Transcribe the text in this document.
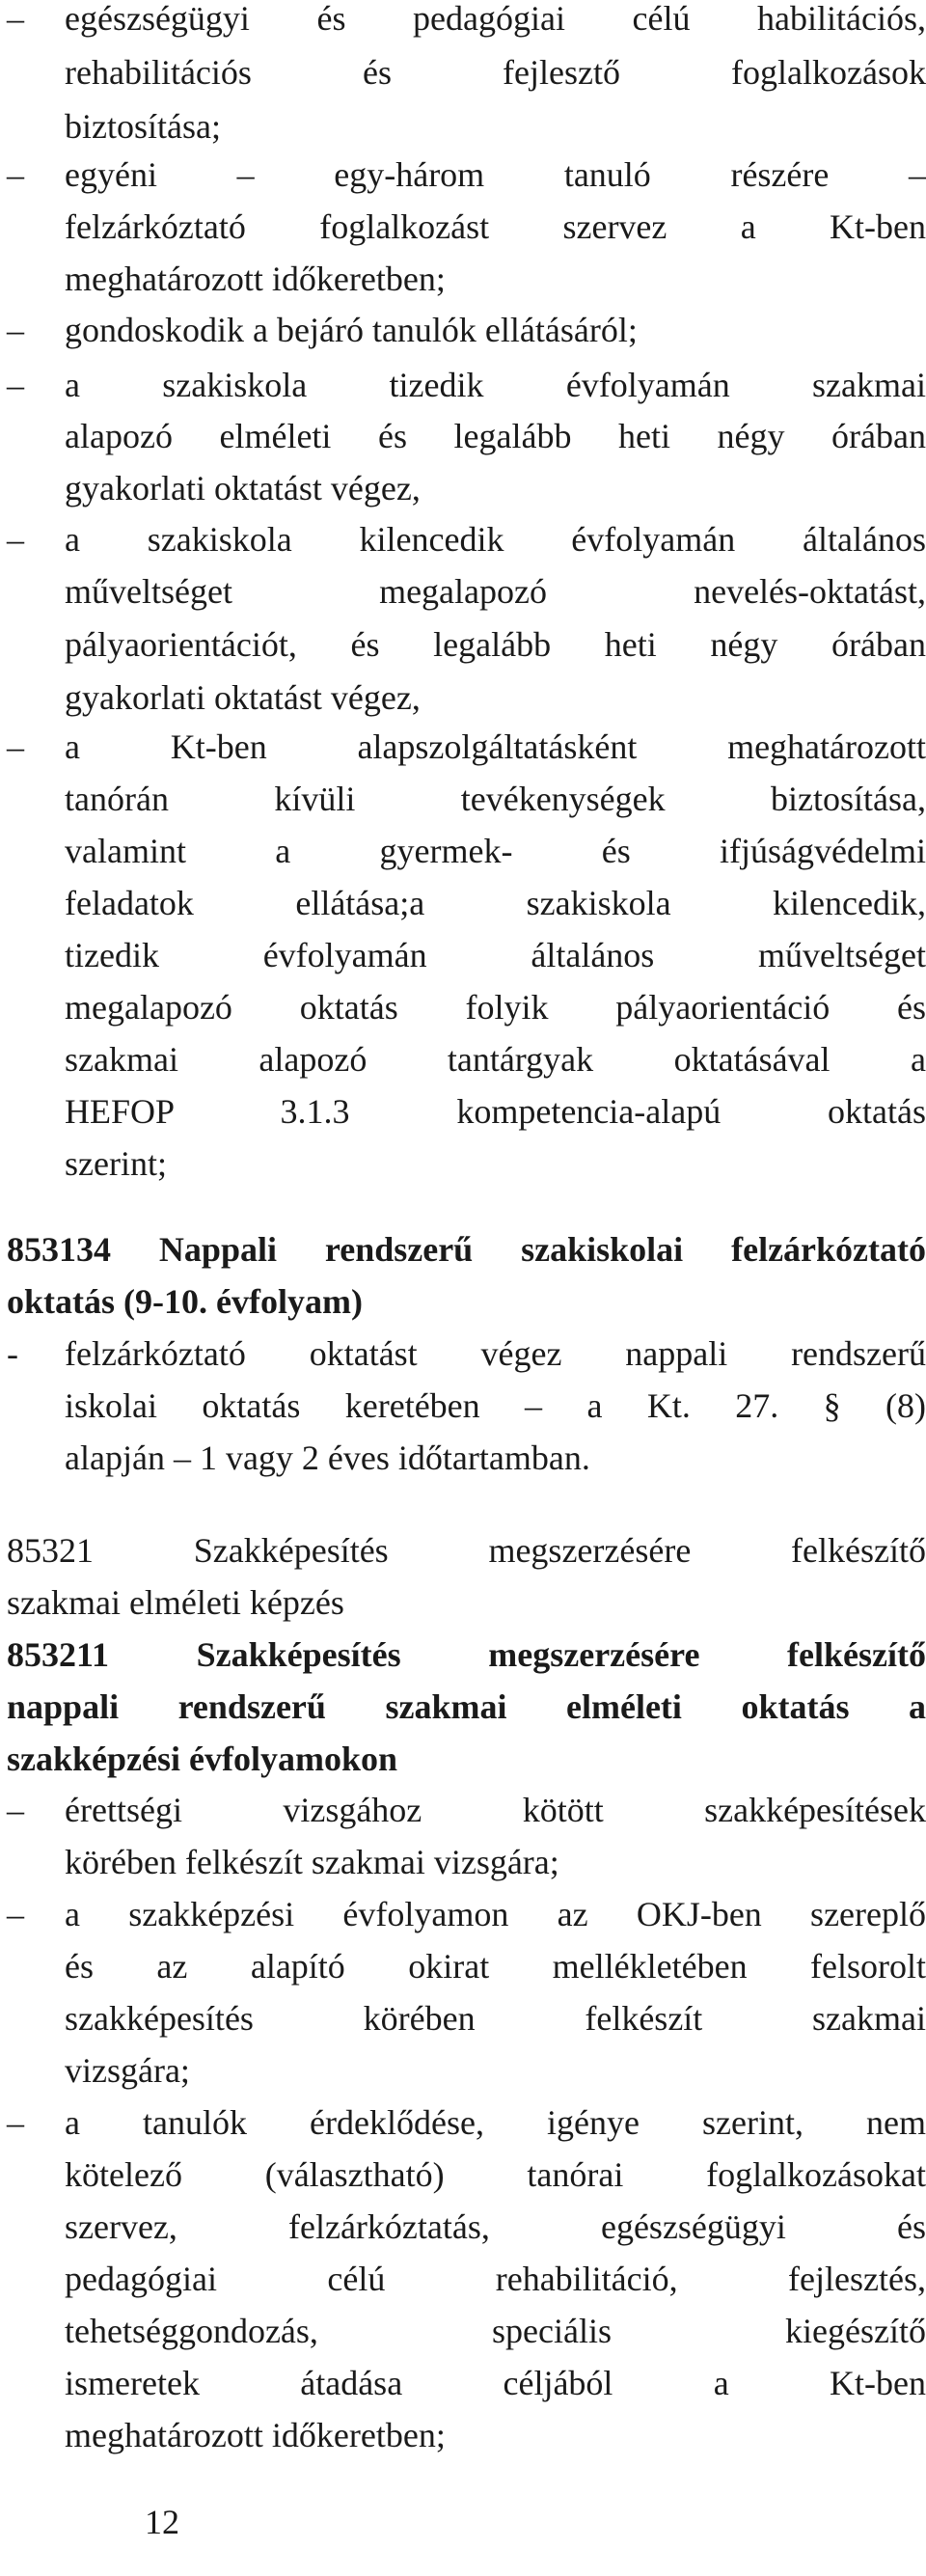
– egészségügyi és pedagógiai célú habilitációs,
rehabilitációs és fejlesztő foglalkozások
biztosítása;
– egyéni – egy-három tanuló részére –
felzárkóztató foglalkozást szervez a Kt-ben
meghatározott időkeretben;
– gondoskodik a bejáró tanulók ellátásáról;
– a szakiskola tizedik évfolyamán szakmai
alapozó elméleti és legalább heti négy órában
gyakorlati oktatást végez,
– a szakiskola kilencedik évfolyamán általános
műveltséget megalapozó nevelés-oktatást,
pályaorientációt, és legalább heti négy órában
gyakorlati oktatást végez,
– a Kt-ben alapszolgáltatásként meghatározott
tanórán kívüli tevékenységek biztosítása,
valamint a gyermek- és ifjúságvédelmi
feladatok ellátása;a szakiskola kilencedik,
tizedik évfolyamán általános műveltséget
megalapozó oktatás folyik pályaorientáció és
szakmai alapozó tantárgyak oktatásával a
HEFOP 3.1.3 kompetencia-alapú oktatás
szerint;
853134 Nappali rendszerű szakiskolai felzárkóztató
oktatás (9-10. évfolyam)
- felzárkóztató oktatást végez nappali rendszerű
iskolai oktatás keretében – a Kt. 27. § (8)
alapján – 1 vagy 2 éves időtartamban.
85321 Szakképesítés megszerzésére felkészítő
szakmai elméleti képzés
853211 Szakképesítés megszerzésére felkészítő
nappali rendszerű szakmai elméleti oktatás a
szakképzési évfolyamokon
– érettségi vizsgához kötött szakképesítések
körében felkészít szakmai vizsgára;
– a szakképzési évfolyamon az OKJ-ben szereplő
és az alapító okirat mellékletében felsorolt
szakképesítés körében felkészít szakmai
vizsgára;
– a tanulók érdeklődése, igénye szerint, nem
kötelező (választható) tanórai foglalkozásokat
szervez, felzárkóztatás, egészségügyi és
pedagógiai célú rehabilitáció, fejlesztés,
tehetséggondozás, speciális kiegészítő
ismeretek átadása céljából a Kt-ben
meghatározott időkeretben;
12
